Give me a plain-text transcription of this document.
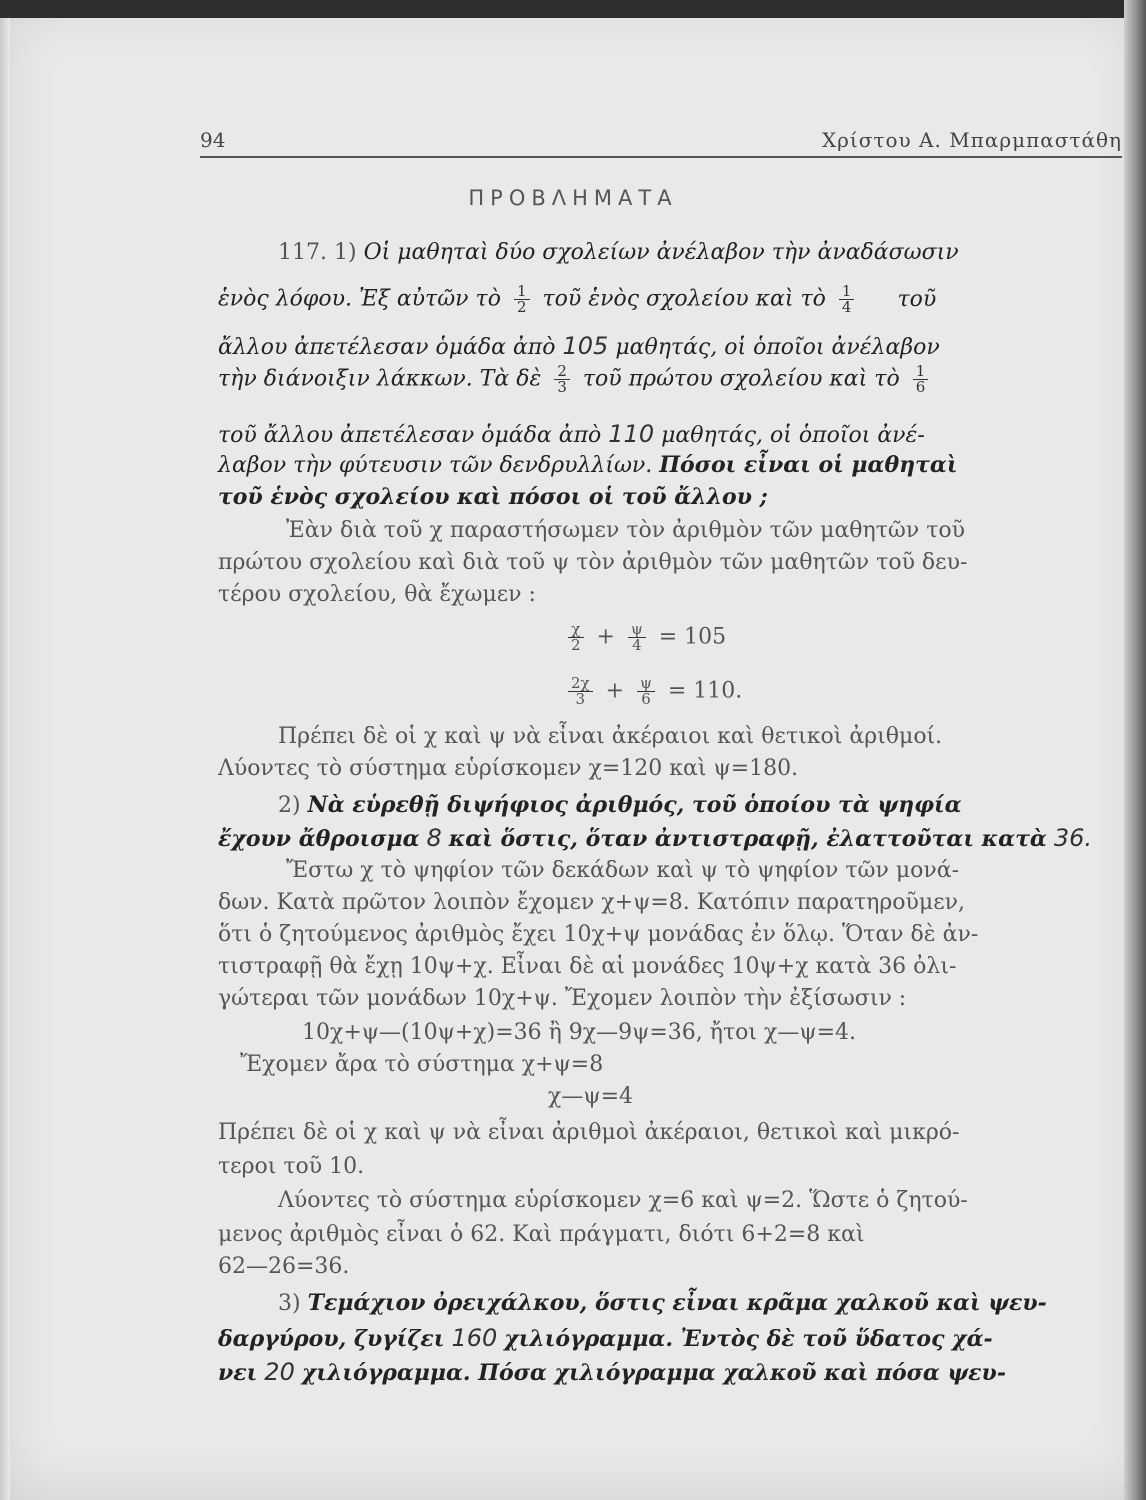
94	Χρίστου Α. Μπαρμπαστάθη
ΠΡΟΒΛΗΜΑΤΑ
117. 1) Οἱ μαθηταὶ δύο σχολείων ἀνέλαβον τὴν ἀναδάσωσιν
ἑνὸς λόφου. Ἐξ αὐτῶν τὸ $\frac{1}{2}$ τοῦ ἑνὸς σχολείου καὶ τὸ $\frac{1}{4}$ τοῦ
ἄλλου ἀπετέλεσαν ὁμάδα ἀπὸ 105 μαθητάς, οἱ ὁποῖοι ἀνέλαβον
τὴν διάνοιξιν λάκκων. Τὰ δὲ $\frac{2}{3}$ τοῦ πρώτου σχολείου καὶ τὸ $\frac{1}{6}$
τοῦ ἄλλου ἀπετέλεσαν ὁμάδα ἀπὸ 110 μαθητάς, οἱ ὁποῖοι ἀνέ-
λαβον τὴν φύτευσιν τῶν δενδρυλλίων. Πόσοι εἶναι οἱ μαθηταὶ
τοῦ ἑνὸς σχολείου καὶ πόσοι οἱ τοῦ ἄλλου ;
Ἐὰν διὰ τοῦ χ παραστήσωμεν τὸν ἀριθμὸν τῶν μαθητῶν τοῦ
πρώτου σχολείου καὶ διὰ τοῦ ψ τὸν ἀριθμὸν τῶν μαθητῶν τοῦ δευ-
τέρου σχολείου, θὰ ἔχωμεν :
$\frac{\chi}{2} + \frac{\psi}{4} = 105$
$\frac{2\chi}{3} + \frac{\psi}{6} = 110$.
Πρέπει δὲ οἱ χ καὶ ψ νὰ εἶναι ἀκέραιοι καὶ θετικοὶ ἀριθμοί.
Λύοντες τὸ σύστημα εὑρίσκομεν χ=120 καὶ ψ=180.
2) Νὰ εὑρεθῇ διψήφιος ἀριθμός, τοῦ ὁποίου τὰ ψηφία
ἔχουν ἄθροισμα 8 καὶ ὅστις, ὅταν ἀντιστραφῇ, ἐλαττοῦται κατὰ 36.
Ἔστω χ τὸ ψηφίον τῶν δεκάδων καὶ ψ τὸ ψηφίον τῶν μονά-
δων. Κατὰ πρῶτον λοιπὸν ἔχομεν χ+ψ=8. Κατόπιν παρατηροῦμεν,
ὅτι ὁ ζητούμενος ἀριθμὸς ἔχει 10χ+ψ μονάδας ἐν ὅλῳ. Ὅταν δὲ ἀν-
τιστραφῇ θὰ ἔχῃ 10ψ+χ. Εἶναι δὲ αἱ μονάδες 10ψ+χ κατὰ 36 ὀλι-
γώτεραι τῶν μονάδων 10χ+ψ. Ἔχομεν λοιπὸν τὴν ἐξίσωσιν :
10χ+ψ—(10ψ+χ)=36 ἢ 9χ—9ψ=36, ἤτοι χ—ψ=4.
Ἔχομεν ἄρα τὸ σύστημα χ+ψ=8
χ—ψ=4
Πρέπει δὲ οἱ χ καὶ ψ νὰ εἶναι ἀριθμοὶ ἀκέραιοι, θετικοὶ καὶ μικρό-
τεροι τοῦ 10.
Λύοντες τὸ σύστημα εὑρίσκομεν χ=6 καὶ ψ=2. Ὥστε ὁ ζητού-
μενος ἀριθμὸς εἶναι ὁ 62. Καὶ πράγματι, διότι 6+2=8 καὶ
62—26=36.
3) Τεμάχιον ὀρειχάλκου, ὅστις εἶναι κρᾶμα χαλκοῦ καὶ ψευ-
δαργύρου, ζυγίζει 160 χιλιόγραμμα. Ἐντὸς δὲ τοῦ ὕδατος χά-
νει 20 χιλιόγραμμα. Πόσα χιλιόγραμμα χαλκοῦ καὶ πόσα ψευ-
